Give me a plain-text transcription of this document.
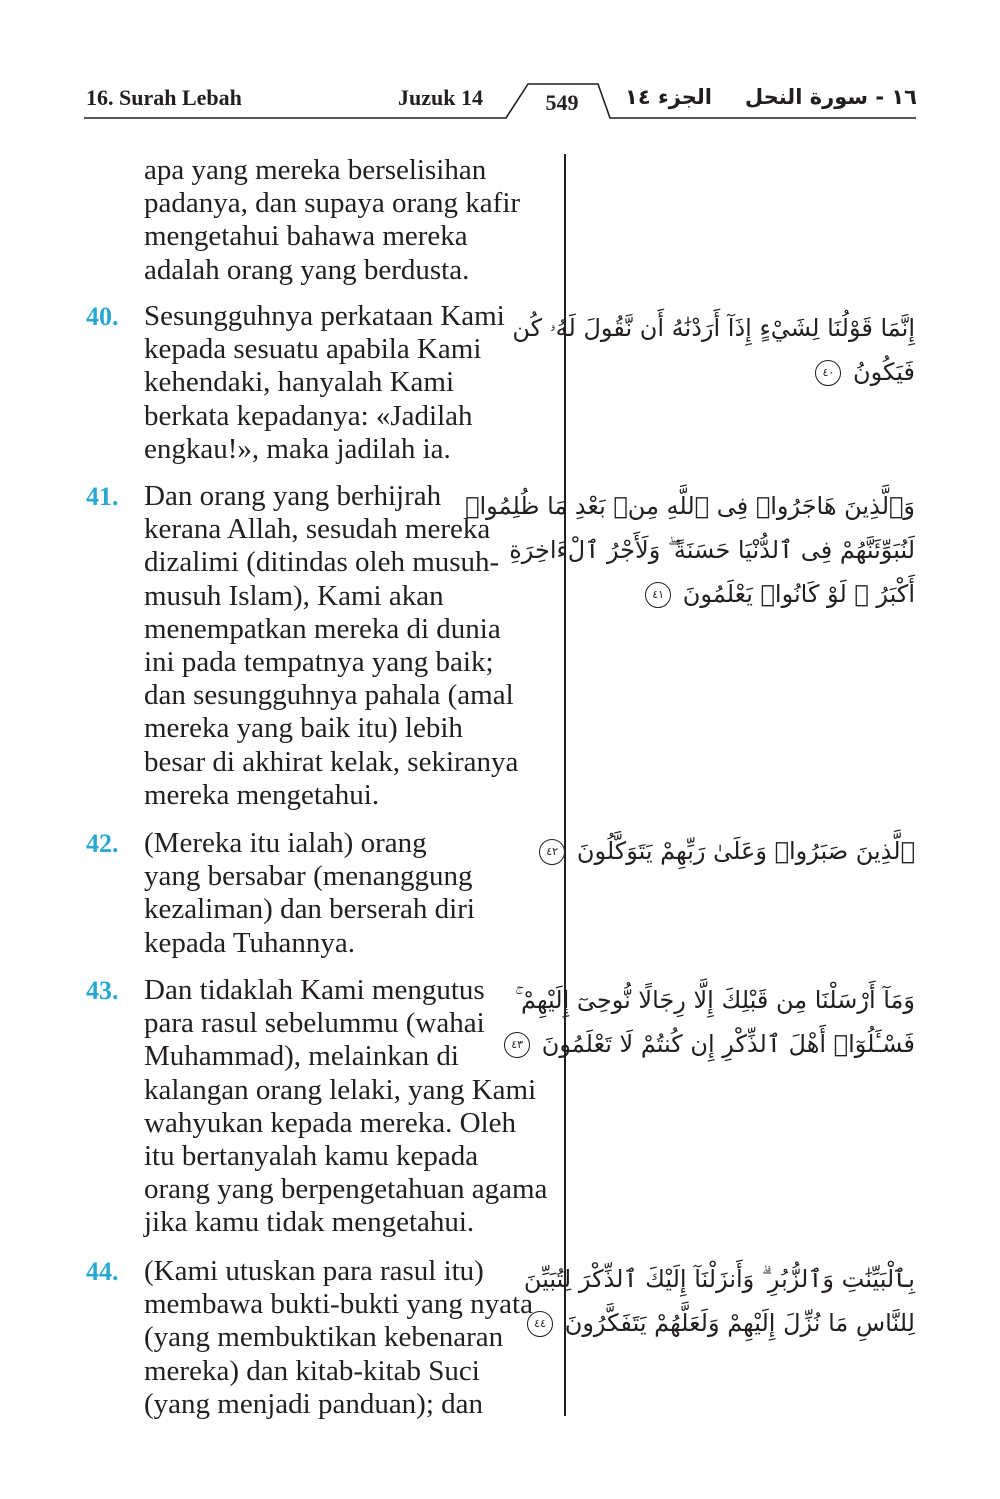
16. Surah Lebah	Juzuk 14	549	الجزء ١٤ ١٦ - سورة النحل

apa yang mereka berselisihan
padanya, dan supaya orang kafir
mengetahui bahawa mereka
adalah orang yang berdusta.

40. Sesungguhnya perkataan Kami
kepada sesuatu apabila Kami
kehendaki, hanyalah Kami
berkata kepadanya: «Jadilah
engkau!», maka jadilah ia.

إِنَّمَا قَوْلُنَا لِشَيْءٍ إِذَآ أَرَدْنَٰهُ أَن نَّقُولَ لَهُۥ كُن
فَيَكُونُ ٤٠
41. Dan orang yang berhijrah
kerana Allah, sesudah mereka
dizalimi (ditindas oleh musuh-
musuh Islam), Kami akan
menempatkan mereka di dunia
ini pada tempatnya yang baik;
dan sesungguhnya pahala (amal
mereka yang baik itu) lebih
besar di akhirat kelak, sekiranya
mereka mengetahui.

وَٱلَّذِينَ هَاجَرُوا۟ فِى ٱللَّهِ مِنۢ بَعْدِ مَا ظُلِمُوا۟
لَنُبَوِّئَنَّهُمْ فِى ٱلدُّنْيَا حَسَنَةً ۖ وَلَأَجْرُ ٱلْءَاخِرَةِ
أَكْبَرُ ۚ لَوْ كَانُوا۟ يَعْلَمُونَ ٤١
42. (Mereka itu ialah) orang
yang bersabar (menanggung
kezaliman) dan berserah diri
kepada Tuhannya.

ٱلَّذِينَ صَبَرُوا۟ وَعَلَىٰ رَبِّهِمْ يَتَوَكَّلُونَ ٤٢
43. Dan tidaklah Kami mengutus
para rasul sebelummu (wahai
Muhammad), melainkan di
kalangan orang lelaki, yang Kami
wahyukan kepada mereka. Oleh
itu bertanyalah kamu kepada
orang yang berpengetahuan agama
jika kamu tidak mengetahui.

وَمَآ أَرْسَلْنَا مِن قَبْلِكَ إِلَّا رِجَالًا نُّوحِىٓ إِلَيْهِمْ ۚ
فَسْـَٔلُوٓا۟ أَهْلَ ٱلذِّكْرِ إِن كُنتُمْ لَا تَعْلَمُونَ ٤٣
44. (Kami utuskan para rasul itu)
membawa bukti-bukti yang nyata
(yang membuktikan kebenaran
mereka) dan kitab-kitab Suci
(yang menjadi panduan); dan

بِٱلْبَيِّنَٰتِ وَٱلزُّبُرِ ۗ وَأَنزَلْنَآ إِلَيْكَ ٱلذِّكْرَ لِتُبَيِّنَ
لِلنَّاسِ مَا نُزِّلَ إِلَيْهِمْ وَلَعَلَّهُمْ يَتَفَكَّرُونَ ٤٤
